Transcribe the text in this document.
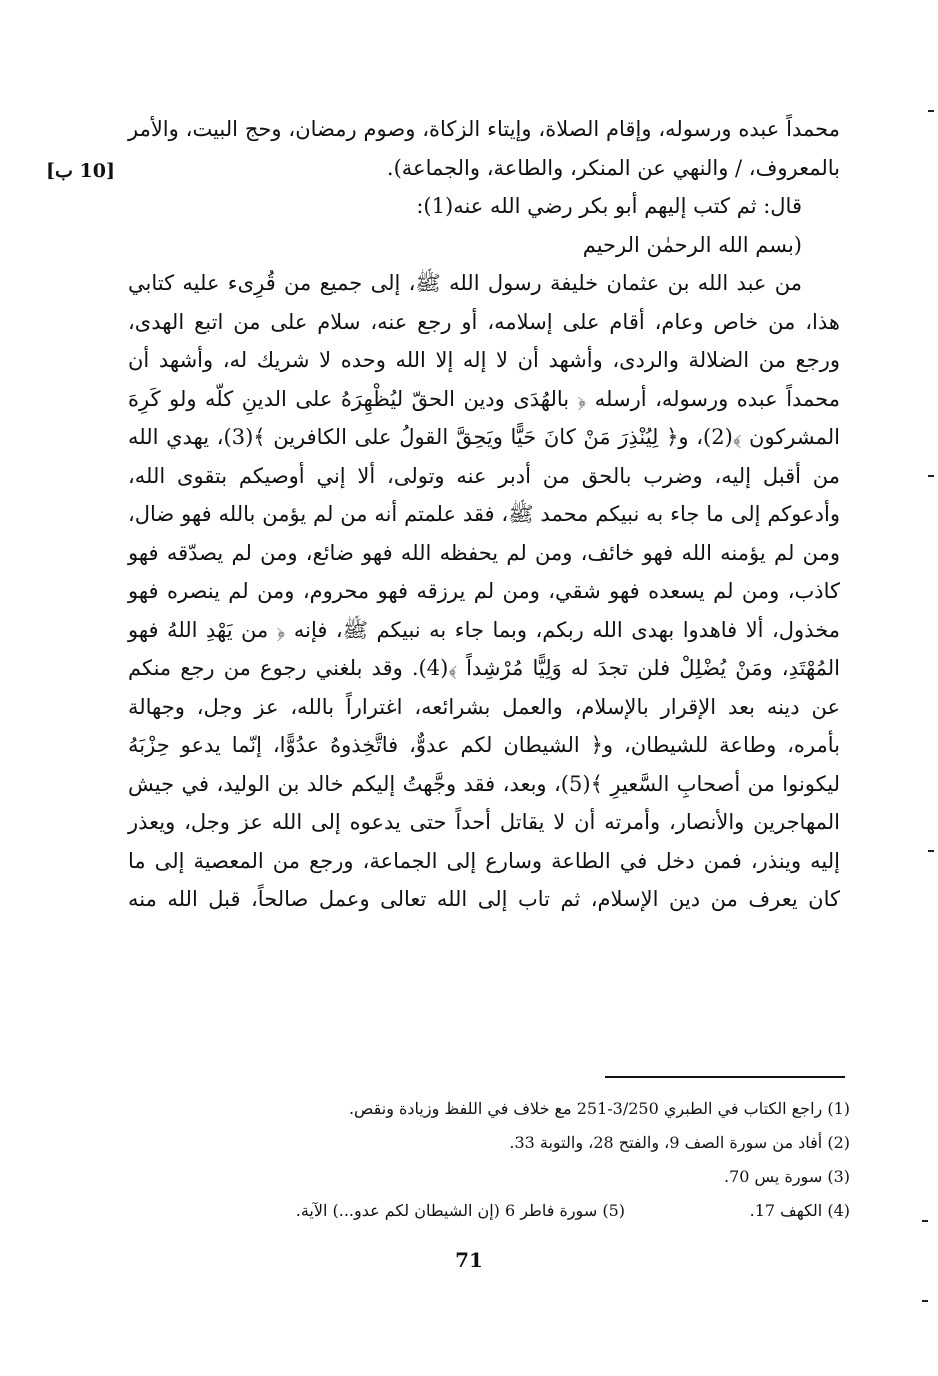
[10 ب]

محمداً عبده ورسوله، وإقام الصلاة، وإيتاء الزكاة، وصوم رمضان، وحج البيت، والأمر بالمعروف، / والنهي عن المنكر، والطاعة، والجماعة).

قال: ثم كتب إليهم أبو بكر رضي الله عنه(1):

(بسم الله الرحمٰن الرحيم

من عبد الله بن عثمان خليفة رسول الله ﷺ، إلى جميع من قُرِىء عليه كتابي هذا، من خاص وعام، أقام على إسلامه، أو رجع عنه، سلام على من اتبع الهدى، ورجع من الضلالة والردى، وأشهد أن لا إله إلا الله وحده لا شريك له، وأشهد أن محمداً عبده ورسوله، أرسله ﴿ بالهُدَى ودين الحقّ ليُظْهِرَهُ على الدينِ كلّه ولو كَرِهَ المشركون ﴾(2)، و﴿ لِيُنْذِرَ مَنْ كانَ حَيًّا ويَحِقَّ القولُ على الكافرين ﴾(3)، يهدي الله من أقبل إليه، وضرب بالحق من أدبر عنه وتولى، ألا إني أوصيكم بتقوى الله، وأدعوكم إلى ما جاء به نبيكم محمد ﷺ، فقد علمتم أنه من لم يؤمن بالله فهو ضال، ومن لم يؤمنه الله فهو خائف، ومن لم يحفظه الله فهو ضائع، ومن لم يصدّقه فهو كاذب، ومن لم يسعده فهو شقي، ومن لم يرزقه فهو محروم، ومن لم ينصره فهو مخذول، ألا فاهدوا بهدى الله ربكم، وبما جاء به نبيكم ﷺ، فإنه ﴿ من يَهْدِ اللهُ فهو المُهْتَدِ، ومَنْ يُضْلِلْ فلن تجدَ له وَلِيًّا مُرْشِداً ﴾(4). وقد بلغني رجوع من رجع منكم عن دينه بعد الإقرار بالإسلام، والعمل بشرائعه، اغتراراً بالله، عز وجل، وجهالة بأمره، وطاعة للشيطان، و﴿ الشيطان لكم عدوٌّ، فاتَّخِذوهُ عدُوًّا، إنّما يدعو حِزْبَهُ ليكونوا من أصحابِ السَّعيرِ ﴾(5)، وبعد، فقد وجَّهتُ إليكم خالد بن الوليد، في جيش المهاجرين والأنصار، وأمرته أن لا يقاتل أحداً حتى يدعوه إلى الله عز وجل، ويعذر إليه وينذر، فمن دخل في الطاعة وسارع إلى الجماعة، ورجع من المعصية إلى ما كان يعرف من دين الإسلام، ثم تاب إلى الله تعالى وعمل صالحاً، قبل الله منه

(1) راجع الكتاب في الطبري 3/250-251 مع خلاف في اللفظ وزيادة ونقص.

(2) أفاد من سورة الصف 9، والفتح 28، والتوبة 33.

(3) سورة يس 70.

(4) الكهف 17.

(5) سورة فاطر 6 (إن الشيطان لكم عدو...) الآية.

71
